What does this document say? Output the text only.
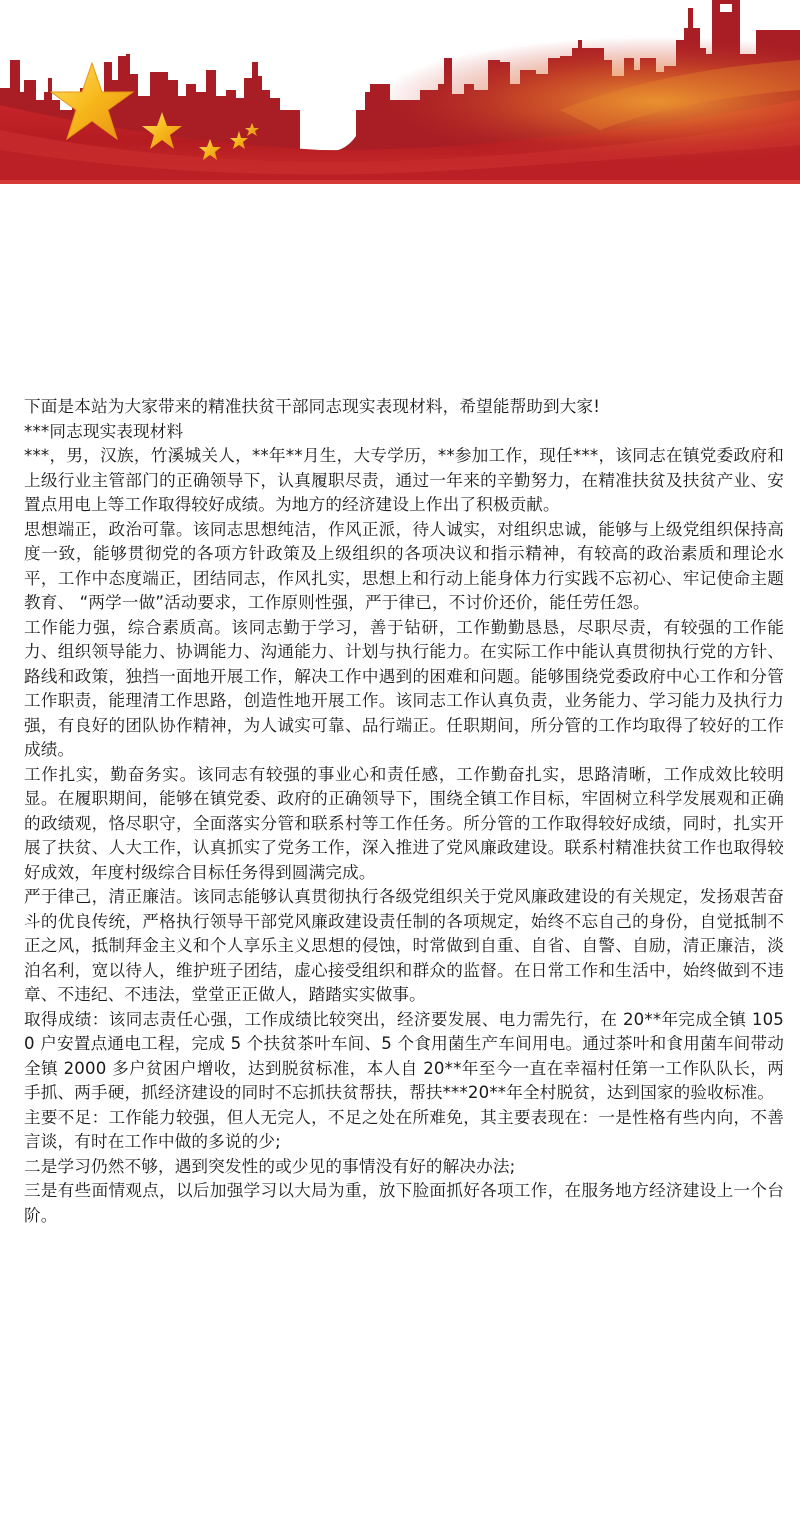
下面是本站为大家带来的精准扶贫干部同志现实表现材料，希望能帮助到大家!

***同志现实表现材料

***，男，汉族，竹溪城关人，**年**月生，大专学历，**参加工作，现任***，该同志在镇党委政府和上级行业主管部门的正确领导下，认真履职尽责，通过一年来的辛勤努力，在精准扶贫及扶贫产业、安置点用电上等工作取得较好成绩。为地方的经济建设上作出了积极贡献。

思想端正，政治可靠。该同志思想纯洁，作风正派，待人诚实，对组织忠诚，能够与上级党组织保持高度一致，能够贯彻党的各项方针政策及上级组织的各项决议和指示精神，有较高的政治素质和理论水平，工作中态度端正，团结同志，作风扎实，思想上和行动上能身体力行实践不忘初心、牢记使命主题教育、 “两学一做”活动要求，工作原则性强，严于律已，不讨价还价，能任劳任怨。

工作能力强，综合素质高。该同志勤于学习，善于钻研，工作勤勤恳恳，尽职尽责，有较强的工作能力、组织领导能力、协调能力、沟通能力、计划与执行能力。在实际工作中能认真贯彻执行党的方针、路线和政策，独挡一面地开展工作，解决工作中遇到的困难和问题。能够围绕党委政府中心工作和分管工作职责，能理清工作思路，创造性地开展工作。该同志工作认真负责，业务能力、学习能力及执行力强，有良好的团队协作精神，为人诚实可靠、品行端正。任职期间，所分管的工作均取得了较好的工作成绩。

工作扎实，勤奋务实。该同志有较强的事业心和责任感，工作勤奋扎实，思路清晰，工作成效比较明显。在履职期间，能够在镇党委、政府的正确领导下，围绕全镇工作目标，牢固树立科学发展观和正确的政绩观，恪尽职守，全面落实分管和联系村等工作任务。所分管的工作取得较好成绩，同时，扎实开展了扶贫、人大工作，认真抓实了党务工作，深入推进了党风廉政建设。联系村精准扶贫工作也取得较好成效，年度村级综合目标任务得到圆满完成。

严于律己，清正廉洁。该同志能够认真贯彻执行各级党组织关于党风廉政建设的有关规定，发扬艰苦奋斗的优良传统，严格执行领导干部党风廉政建设责任制的各项规定，始终不忘自己的身份，自觉抵制不正之风，抵制拜金主义和个人享乐主义思想的侵蚀，时常做到自重、自省、自警、自励，清正廉洁，淡泊名利，宽以待人，维护班子团结，虚心接受组织和群众的监督。在日常工作和生活中，始终做到不违章、不违纪、不违法，堂堂正正做人，踏踏实实做事。

取得成绩：该同志责任心强，工作成绩比较突出，经济要发展、电力需先行，在 20**年完成全镇 1050 户安置点通电工程，完成 5 个扶贫茶叶车间、5 个食用菌生产车间用电。通过茶叶和食用菌车间带动全镇 2000 多户贫困户增收，达到脱贫标准，本人自 20**年至今一直在幸福村任第一工作队队长，两手抓、两手硬，抓经济建设的同时不忘抓扶贫帮扶，帮扶***20**年全村脱贫，达到国家的验收标准。

主要不足：工作能力较强，但人无完人，不足之处在所难免，其主要表现在：一是性格有些内向，不善言谈，有时在工作中做的多说的少;

二是学习仍然不够，遇到突发性的或少见的事情没有好的解决办法;

三是有些面情观点，以后加强学习以大局为重，放下脸面抓好各项工作，在服务地方经济建设上一个台阶。
